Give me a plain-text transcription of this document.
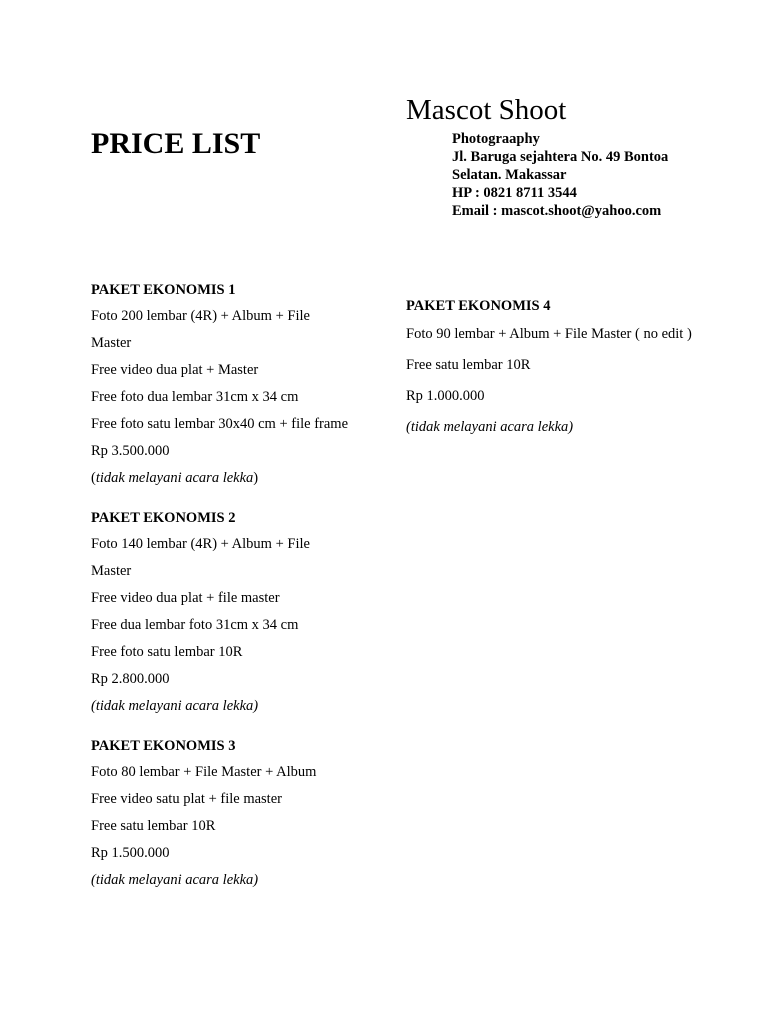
PRICE LIST
Mascot Shoot
Photograaphy
Jl. Baruga sejahtera No. 49 Bontoa
Selatan. Makassar
HP : 0821 8711 3544
Email : mascot.shoot@yahoo.com
PAKET EKONOMIS 1
Foto 200 lembar (4R) + Album + File
Master
Free video dua plat + Master
Free foto dua lembar 31cm x 34 cm
Free foto satu lembar 30x40 cm + file frame
Rp 3.500.000
(tidak melayani acara lekka)
PAKET EKONOMIS 2
Foto 140 lembar (4R) + Album + File
Master
Free video dua plat + file master
Free dua lembar foto 31cm x 34 cm
Free foto satu lembar 10R
Rp 2.800.000
(tidak melayani acara lekka)
PAKET EKONOMIS 3
Foto 80 lembar + File Master + Album
Free video satu plat + file master
Free satu lembar 10R
Rp 1.500.000
(tidak melayani acara lekka)
PAKET EKONOMIS 4
Foto 90 lembar + Album + File Master ( no edit )
Free satu lembar 10R
Rp 1.000.000
(tidak melayani acara lekka)
